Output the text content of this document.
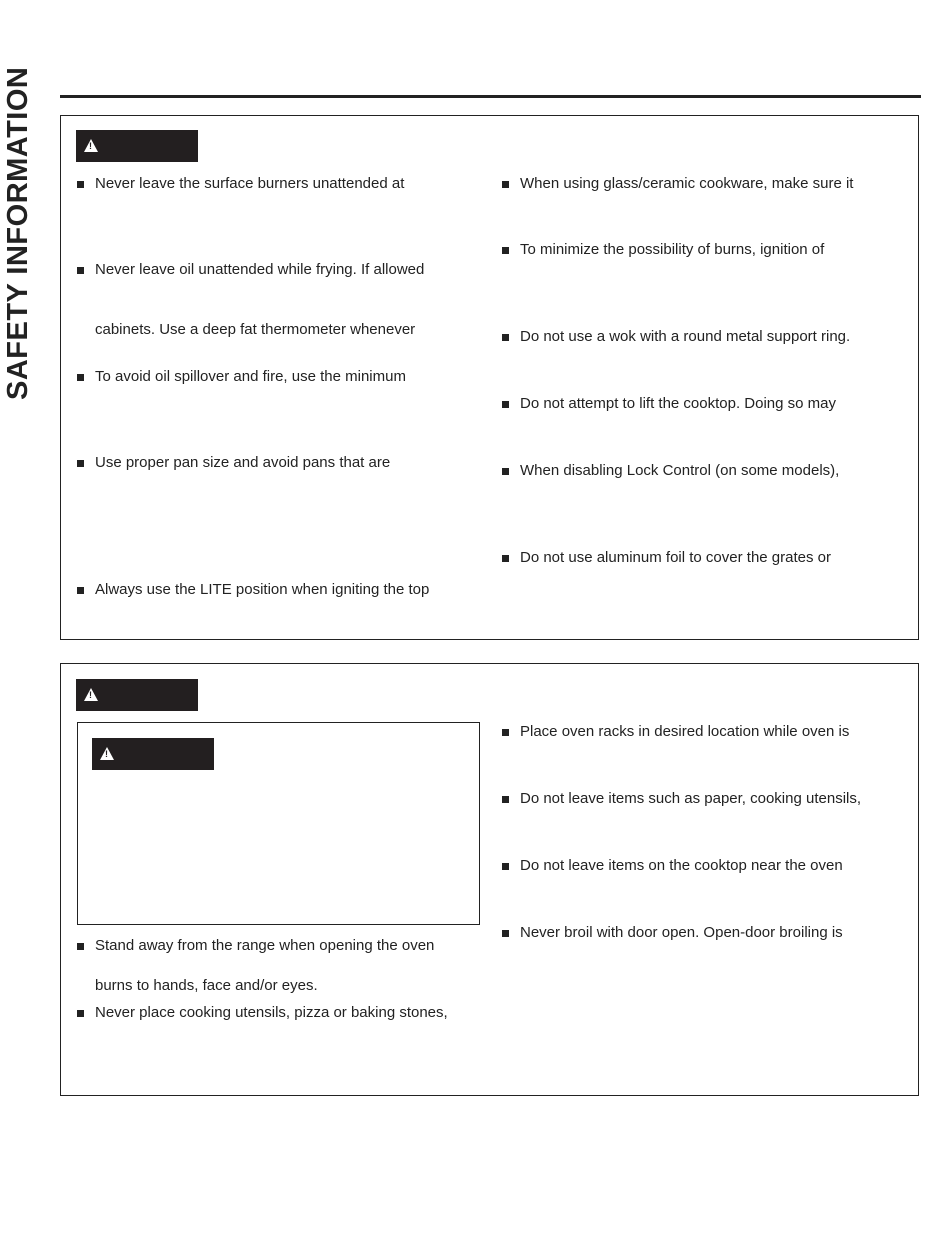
SAFETY INFORMATION
!	Never leave the surface burners unattended at
Never leave oil unattended while frying. If allowed
cabinets. Use a deep fat thermometer whenever
To avoid oil spillover and fire, use the minimum
Use proper pan size and avoid pans that are
Always use the LITE position when igniting the top
When using glass/ceramic cookware, make sure it
To minimize the possibility of burns, ignition of
Do not use a wok with a round metal support ring.
Do not attempt to lift the cooktop. Doing so may
When disabling Lock Control (on some models),
Do not use aluminum foil to cover the grates or
!
!
Stand away from the range when opening the oven
burns to hands, face and/or eyes.
Never place cooking utensils, pizza or baking stones,
Place oven racks in desired location while oven is
Do not leave items such as paper, cooking utensils,
Do not leave items on the cooktop near the oven
Never broil with door open. Open-door broiling is
